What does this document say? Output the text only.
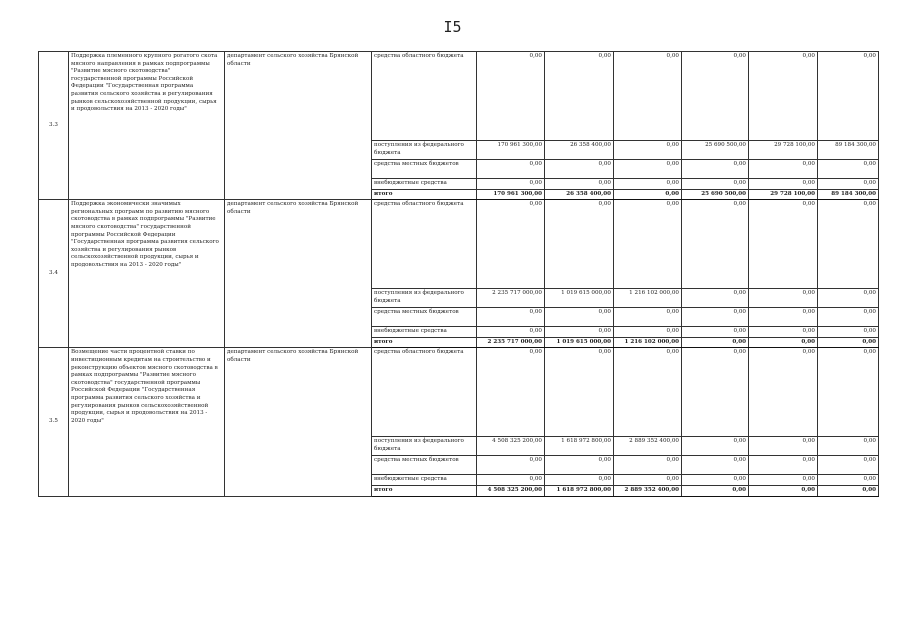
I5
3.3	Поддержка племенного крупного рогатого скота мясного направления в рамках подпрограммы "Развитие мясного скотоводства" государственной программы Российской Федерации "Государственная программа развития сельского хозяйства и регулирования рынков сельскохозяйственной продукции, сырья и продовольствия на 2013 - 2020 годы"	департамент сельского хозяйства Брянской области	средства областного бюджета	0,00	0,00	0,00	0,00	0,00	0,00
			поступления из федерального бюджета	170 961 300,00	26 358 400,00	0,00	25 690 500,00	29 728 100,00	89 184 300,00
			средства местных бюджетов	0,00	0,00	0,00	0,00	0,00	0,00
			внебюджетные средства	0,00	0,00	0,00	0,00	0,00	0,00
			итого	170 961 300,00	26 358 400,00	0,00	25 690 500,00	29 728 100,00	89 184 300,00
3.4	Поддержка экономически значимых региональных программ по развитию мясного скотоводства в рамках подпрограммы "Развитие мясного скотоводства" государственной программы Российской Федерации "Государственная программа развития сельского хозяйства и регулирования рынков сельскохозяйственной продукции, сырья и продовольствия на 2013 - 2020 годы"	департамент сельского хозяйства Брянской области	средства областного бюджета	0,00	0,00	0,00	0,00	0,00	0,00
			поступления из федерального бюджета	2 235 717 000,00	1 019 615 000,00	1 216 102 000,00	0,00	0,00	0,00
			средства местных бюджетов	0,00	0,00	0,00	0,00	0,00	0,00
			внебюджетные средства	0,00	0,00	0,00	0,00	0,00	0,00
			итого	2 235 717 000,00	1 019 615 000,00	1 216 102 000,00	0,00	0,00	0,00
3.5	Возмещение части процентной ставки по инвестиционным кредитам на строительство и реконструкцию объектов мясного скотоводства в рамках подпрограммы "Развитие мясного скотоводства" государственной программы Российской Федерации "Государственная программа развития сельского хозяйства и регулирования рынков сельскохозяйственной продукции, сырья и продовольствия на 2013 - 2020 годы"	департамент сельского хозяйства Брянской области	средства областного бюджета	0,00	0,00	0,00	0,00	0,00	0,00
			поступления из федерального бюджета	4 508 325 200,00	1 618 972 800,00	2 889 352 400,00	0,00	0,00	0,00
			средства местных бюджетов	0,00	0,00	0,00	0,00	0,00	0,00
			внебюджетные средства	0,00	0,00	0,00	0,00	0,00	0,00
			итого	4 508 325 200,00	1 618 972 800,00	2 889 352 400,00	0,00	0,00	0,00
